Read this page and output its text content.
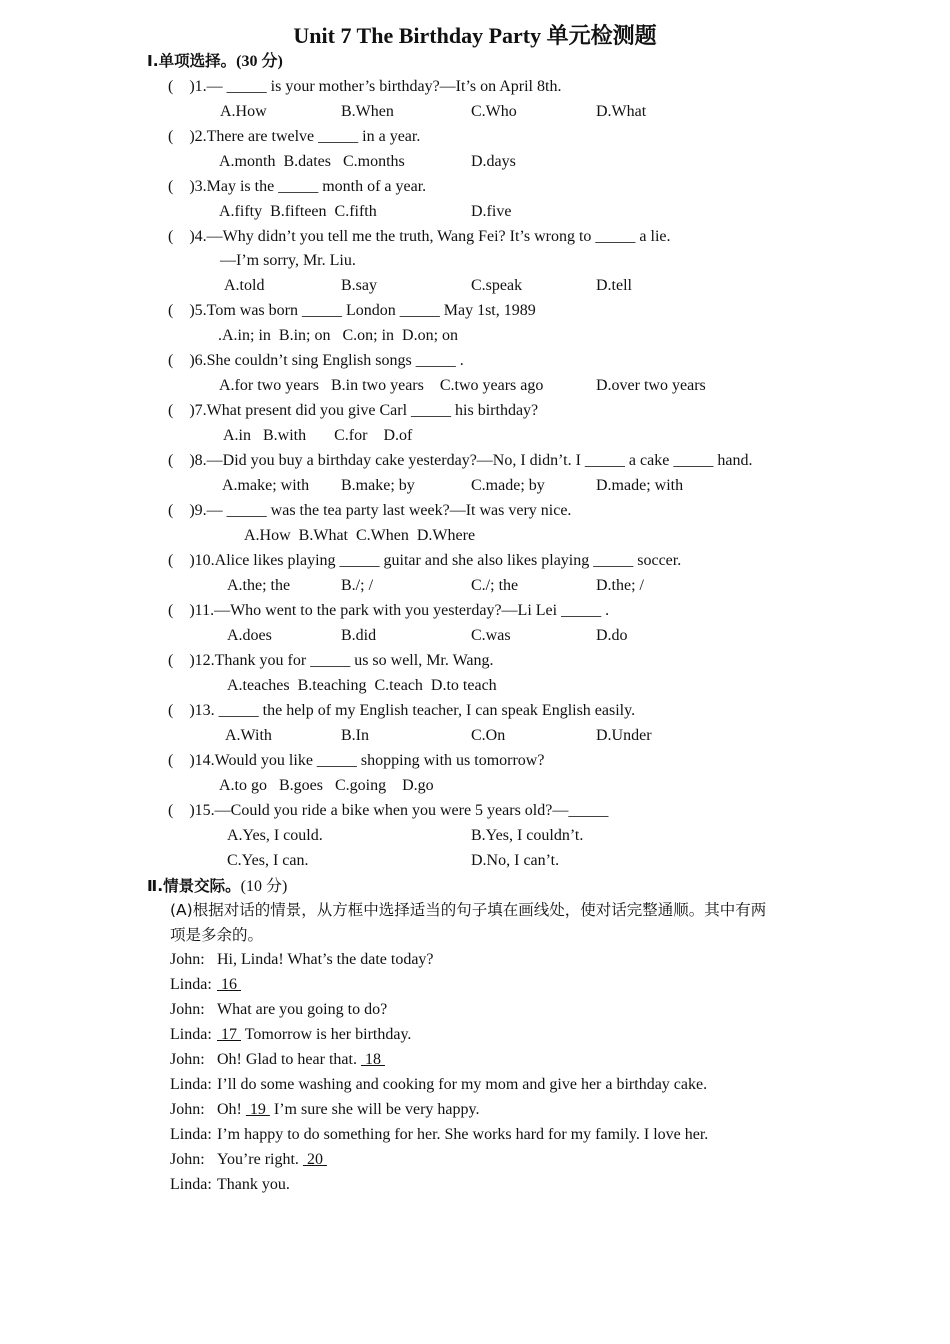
Unit 7 The Birthday Party 单元检测题
Ⅰ.单项选择。(30 分)
(    )1.— _____ is your mother’s birthday?—It’s on April 8th.
A.How	B.When	C.Who	D.What
(    )2.There are twelve _____ in a year.
A.month  B.dates   C.months	D.days
(    )3.May is the _____ month of a year.
A.fifty  B.fifteen  C.fifth	D.five
(    )4.—Why didn’t you tell me the truth, Wang Fei? It’s wrong to _____ a lie.
—I’m sorry, Mr. Liu.
A.told	B.say	C.speak	D.tell
(    )5.Tom was born _____ London _____ May 1st, 1989
.A.in; in  B.in; on   C.on; in  D.on; on
(    )6.She couldn’t sing English songs _____ .
A.for two years   B.in two years    C.two years ago	D.over two years
(    )7.What present did you give Carl _____ his birthday?
A.in   B.with       C.for    D.of
(    )8.—Did you buy a birthday cake yesterday?—No, I didn’t. I _____ a cake _____ hand.
A.make; with B.make; by	C.made; by	D.made; with
(    )9.— _____ was the tea party last week?—It was very nice.
A.How  B.What  C.When  D.Where
(    )10.Alice likes playing _____ guitar and she also likes playing _____ soccer.
A.the; the	B./; /	C./; the	D.the; /
(    )11.—Who went to the park with you yesterday?—Li Lei _____ .
A.does	B.did	C.was	D.do
(    )12.Thank you for _____ us so well, Mr. Wang.
A.teaches  B.teaching  C.teach  D.to teach
(    )13. _____ the help of my English teacher, I can speak English easily.
A.With	B.In	C.On	D.Under
(    )14.Would you like _____ shopping with us tomorrow?
A.to go   B.goes   C.going    D.go
(    )15.—Could you ride a bike when you were 5 years old?—_____
A.Yes, I could.	B.Yes, I couldn’t.
C.Yes, I can.	D.No, I can’t.
Ⅱ.情景交际。(10 分)
(A)根据对话的情景，从方框中选择适当的句子填在画线处，使对话完整通顺。其中有两
项是多余的。
John: Hi, Linda! What’s the date today?
Linda: 16
John: What are you going to do?
Linda: 17  Tomorrow is her birthday.
John: Oh! Glad to hear that.  18
Linda: I’ll do some washing and cooking for my mom and give her a birthday cake.
John: Oh!  19  I’m sure she will be very happy.
Linda: I’m happy to do something for her. She works hard for my family. I love her.
John: You’re right.  20
Linda: Thank you.
